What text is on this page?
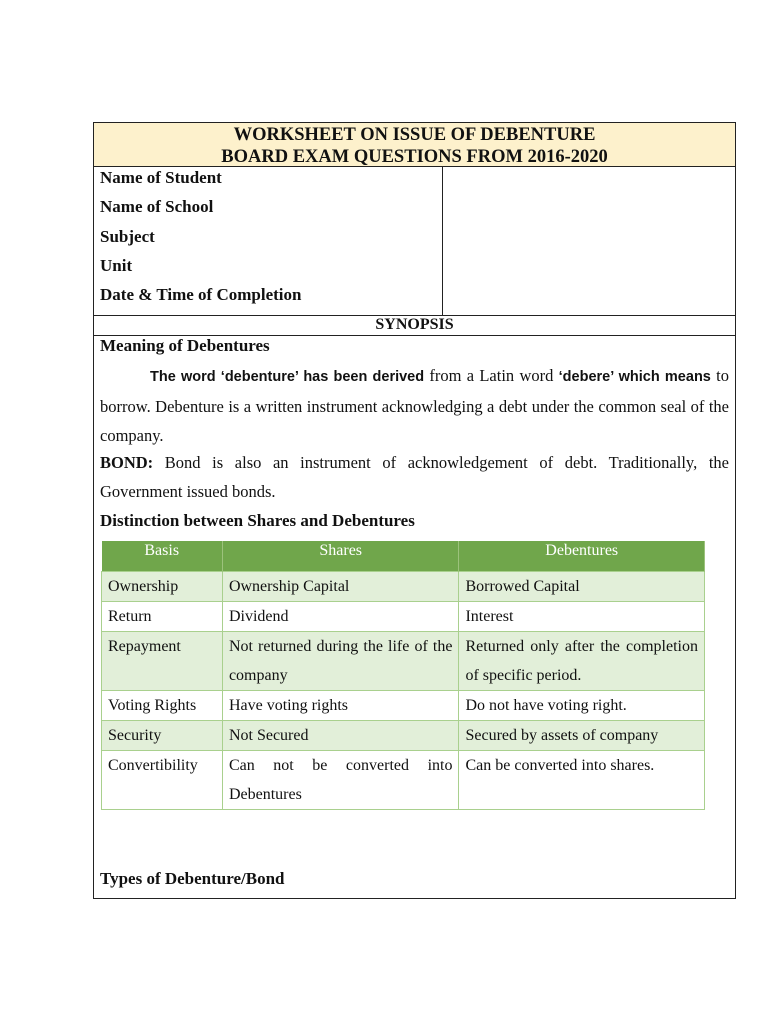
WORKSHEET ON ISSUE OF DEBENTURE
BOARD EXAM QUESTIONS FROM 2016-2020
Name of Student
Name of School
Subject
Unit
Date & Time of Completion
SYNOPSIS
Meaning of Debentures
The word ‘debenture’ has been derived from a Latin word ‘debere’ which means to borrow. Debenture is a written instrument acknowledging a debt under the common seal of the company.
BOND: Bond is also an instrument of acknowledgement of debt. Traditionally, the Government issued bonds.
Distinction between Shares and Debentures
Basis	Shares	Debentures
Ownership	Ownership Capital	Borrowed Capital
Return	Dividend	Interest
Repayment	Not returned during the life of the company	Returned only after the completion of specific period.
Voting Rights	Have voting rights	Do not have voting right.
Security	Not Secured	Secured by assets of company
Convertibility	Can not be converted into Debentures	Can be converted into shares.
Types of Debenture/Bond
